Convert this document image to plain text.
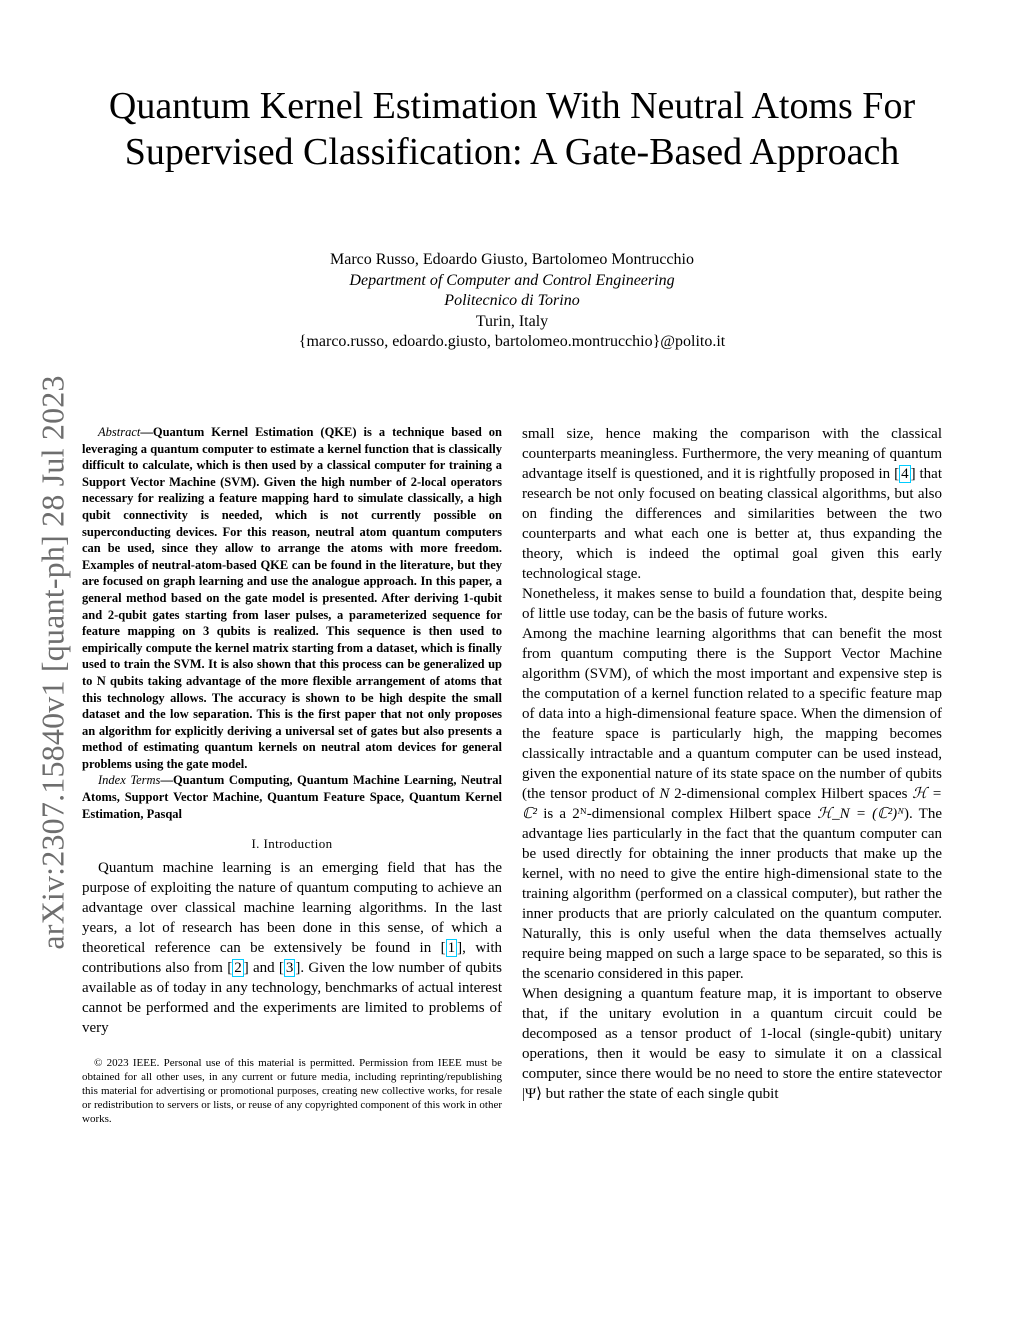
arXiv:2307.15840v1 [quant-ph] 28 Jul 2023
Quantum Kernel Estimation With Neutral Atoms For Supervised Classification: A Gate-Based Approach
Marco Russo, Edoardo Giusto, Bartolomeo Montrucchio
Department of Computer and Control Engineering
Politecnico di Torino
Turin, Italy
{marco.russo, edoardo.giusto, bartolomeo.montrucchio}@polito.it

Abstract—Quantum Kernel Estimation (QKE) is a technique based on leveraging a quantum computer to estimate a kernel function that is classically difficult to calculate, which is then used by a classical computer for training a Support Vector Machine (SVM). Given the high number of 2-local operators necessary for realizing a feature mapping hard to simulate classically, a high qubit connectivity is needed, which is not currently possible on superconducting devices. For this reason, neutral atom quantum computers can be used, since they allow to arrange the atoms with more freedom. Examples of neutral-atom-based QKE can be found in the literature, but they are focused on graph learning and use the analogue approach. In this paper, a general method based on the gate model is presented. After deriving 1-qubit and 2-qubit gates starting from laser pulses, a parameterized sequence for feature mapping on 3 qubits is realized. This sequence is then used to empirically compute the kernel matrix starting from a dataset, which is finally used to train the SVM. It is also shown that this process can be generalized up to N qubits taking advantage of the more flexible arrangement of atoms that this technology allows. The accuracy is shown to be high despite the small dataset and the low separation. This is the first paper that not only proposes an algorithm for explicitly deriving a universal set of gates but also presents a method of estimating quantum kernels on neutral atom devices for general problems using the gate model.

Index Terms—Quantum Computing, Quantum Machine Learning, Neutral Atoms, Support Vector Machine, Quantum Feature Space, Quantum Kernel Estimation, Pasqal

I. Introduction

Quantum machine learning is an emerging field that has the purpose of exploiting the nature of quantum computing to achieve an advantage over classical machine learning algorithms. In the last years, a lot of research has been done in this sense, of which a theoretical reference can be extensively be found in [ 1 ], with contributions also from [ 2 ] and [ 3 ]. Given the low number of qubits available as of today in any technology, benchmarks of actual interest cannot be performed and the experiments are limited to problems of very

© 2023 IEEE. Personal use of this material is permitted. Permission from IEEE must be obtained for all other uses, in any current or future media, including reprinting/republishing this material for advertising or promotional purposes, creating new collective works, for resale or redistribution to servers or lists, or reuse of any copyrighted component of this work in other works.

small size, hence making the comparison with the classical counterparts meaningless. Furthermore, the very meaning of quantum advantage itself is questioned, and it is rightfully proposed in [ 4 ] that research be not only focused on beating classical algorithms, but also on finding the differences and similarities between the two counterparts and what each one is better at, thus expanding the theory, which is indeed the optimal goal given this early technological stage.

Nonetheless, it makes sense to build a foundation that, despite being of little use today, can be the basis of future works.

Among the machine learning algorithms that can benefit the most from quantum computing there is the Support Vector Machine algorithm (SVM), of which the most important and expensive step is the computation of a kernel function related to a specific feature map of data into a high-dimensional feature space. When the dimension of the feature space is particularly high, the mapping becomes classically intractable and a quantum computer can be used instead, given the exponential nature of its state space on the number of qubits (the tensor product of N 2-dimensional complex Hilbert spaces ℋ = ℂ² is a 2ᴺ-dimensional complex Hilbert space ℋ_N = (ℂ²)ᴺ). The advantage lies particularly in the fact that the quantum computer can be used directly for obtaining the inner products that make up the kernel, with no need to give the entire high-dimensional state to the training algorithm (performed on a classical computer), but rather the inner products that are priorly calculated on the quantum computer. Naturally, this is only useful when the data themselves actually require being mapped on such a large space to be separated, so this is the scenario considered in this paper.

When designing a quantum feature map, it is important to observe that, if the unitary evolution in a quantum circuit could be decomposed as a tensor product of 1-local (single-qubit) unitary operations, then it would be easy to simulate it on a classical computer, since there would be no need to store the entire statevector |Ψ⟩ but rather the state of each single qubit
